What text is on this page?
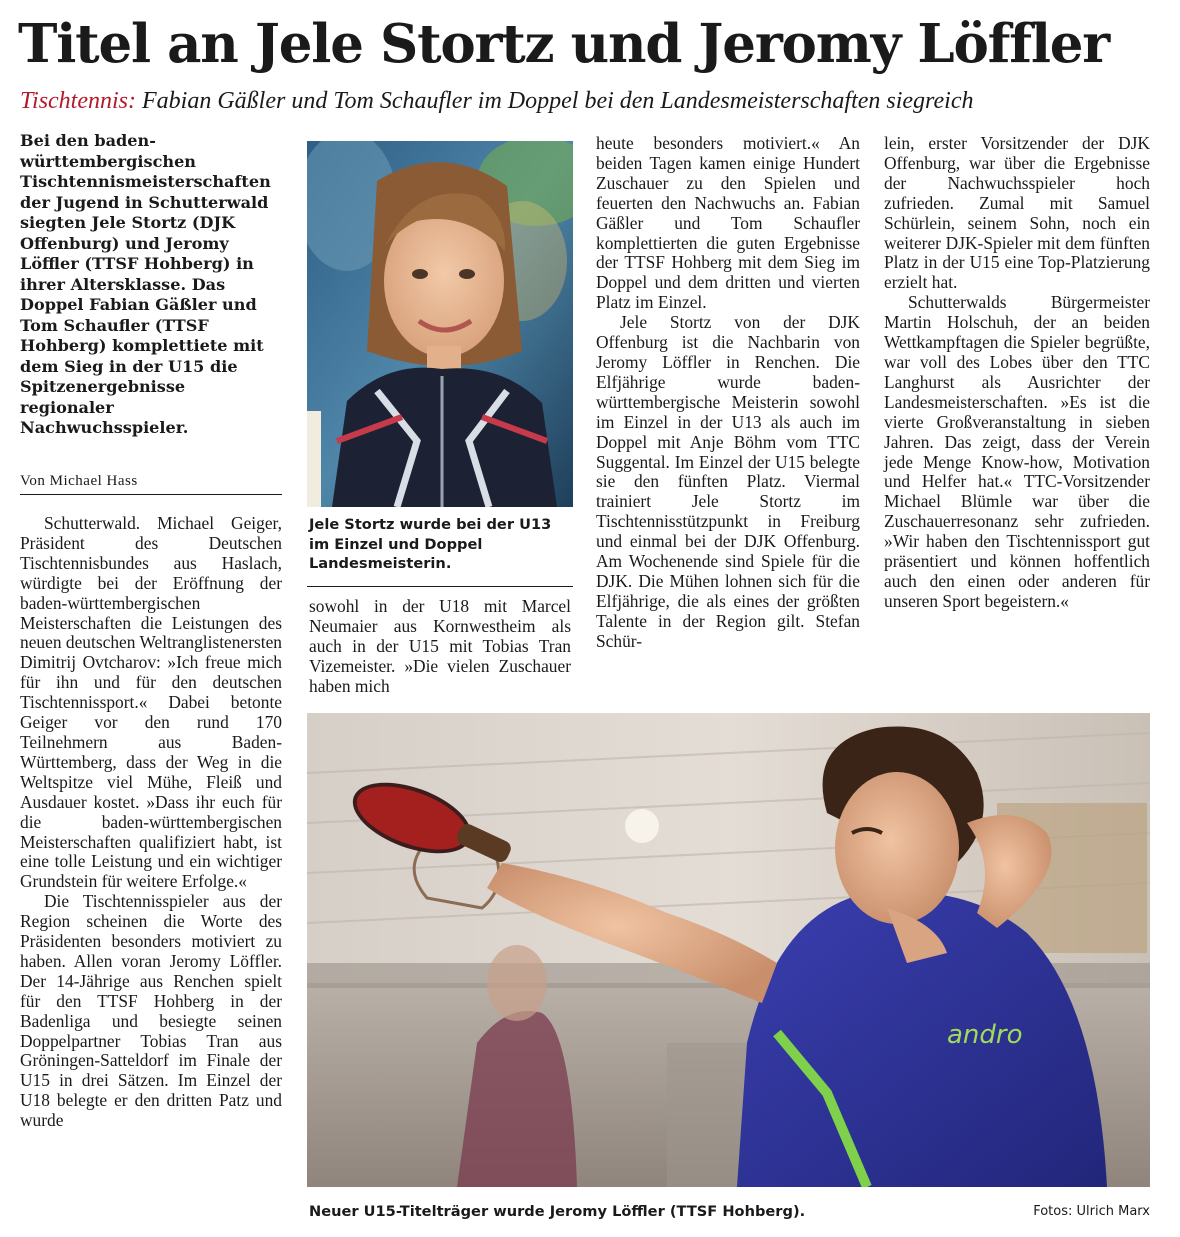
Titel an Jele Stortz und Jeromy Löffler
Tischtennis: Fabian Gäßler und Tom Schaufler im Doppel bei den Landesmeisterschaften siegreich

Bei den baden-württembergischen Tischtennismeisterschaften der Jugend in Schutterwald siegten Jele Stortz (DJK Offenburg) und Jeromy Löffler (TTSF Hohberg) in ihrer Altersklasse. Das Doppel Fabian Gäßler und Tom Schaufler (TTSF Hohberg) komplettiete mit dem Sieg in der U15 die Spitzenergebnisse regionaler Nachwuchsspieler.

Von Michael Hass

Schutterwald. Michael Geiger, Präsident des Deutschen Tischtennisbundes aus Haslach, würdigte bei der Eröffnung der baden-württembergischen Meisterschaften die Leistungen des neuen deutschen Weltranglistenersten Dimitrij Ovtcharov: »Ich freue mich für ihn und für den deutschen Tischtennissport.« Dabei betonte Geiger vor den rund 170 Teilnehmern aus Baden-Württemberg, dass der Weg in die Weltspitze viel Mühe, Fleiß und Ausdauer kostet. »Dass ihr euch für die baden-württembergischen Meisterschaften qualifiziert habt, ist eine tolle Leistung und ein wichtiger Grundstein für weitere Erfolge.«

Die Tischtennisspieler aus der Region scheinen die Worte des Präsidenten besonders motiviert zu haben. Allen voran Jeromy Löffler. Der 14-Jährige aus Renchen spielt für den TTSF Hohberg in der Badenliga und besiegte seinen Doppelpartner Tobias Tran aus Gröningen-Satteldorf im Finale der U15 in drei Sätzen. Im Einzel der U18 belegte er den dritten Patz und wurde

Jele Stortz wurde bei der U13 im Einzel und Doppel Landesmeisterin.

sowohl in der U18 mit Marcel Neumaier aus Kornwestheim als auch in der U15 mit Tobias Tran Vizemeister. »Die vielen Zuschauer haben mich

heute besonders motiviert.« An beiden Tagen kamen einige Hundert Zuschauer zu den Spielen und feuerten den Nachwuchs an. Fabian Gäßler und Tom Schaufler komplettierten die guten Ergebnisse der TTSF Hohberg mit dem Sieg im Doppel und dem dritten und vierten Platz im Einzel.

Jele Stortz von der DJK Offenburg ist die Nachbarin von Jeromy Löffler in Renchen. Die Elfjährige wurde baden-württembergische Meisterin sowohl im Einzel in der U13 als auch im Doppel mit Anje Böhm vom TTC Suggental. Im Einzel der U15 belegte sie den fünften Platz. Viermal trainiert Jele Stortz im Tischtennisstützpunkt in Freiburg und einmal bei der DJK Offenburg. Am Wochenende sind Spiele für die DJK. Die Mühen lohnen sich für die Elfjährige, die als eines der größten Talente in der Region gilt. Stefan Schür-

lein, erster Vorsitzender der DJK Offenburg, war über die Ergebnisse der Nachwuchsspieler hoch zufrieden. Zumal mit Samuel Schürlein, seinem Sohn, noch ein weiterer DJK-Spieler mit dem fünften Platz in der U15 eine Top-Platzierung erzielt hat.

Schutterwalds Bürgermeister Martin Holschuh, der an beiden Wettkampftagen die Spieler begrüßte, war voll des Lobes über den TTC Langhurst als Ausrichter der Landesmeisterschaften. »Es ist die vierte Großveranstaltung in sieben Jahren. Das zeigt, dass der Verein jede Menge Know-how, Motivation und Helfer hat.« TTC-Vorsitzender Michael Blümle war über die Zuschauerresonanz sehr zufrieden. »Wir haben den Tischtennissport gut präsentiert und können hoffentlich auch den einen oder anderen für unseren Sport begeistern.«

andro
Neuer U15-Titelträger wurde Jeromy Löffler (TTSF Hohberg).	Fotos: Ulrich Marx
